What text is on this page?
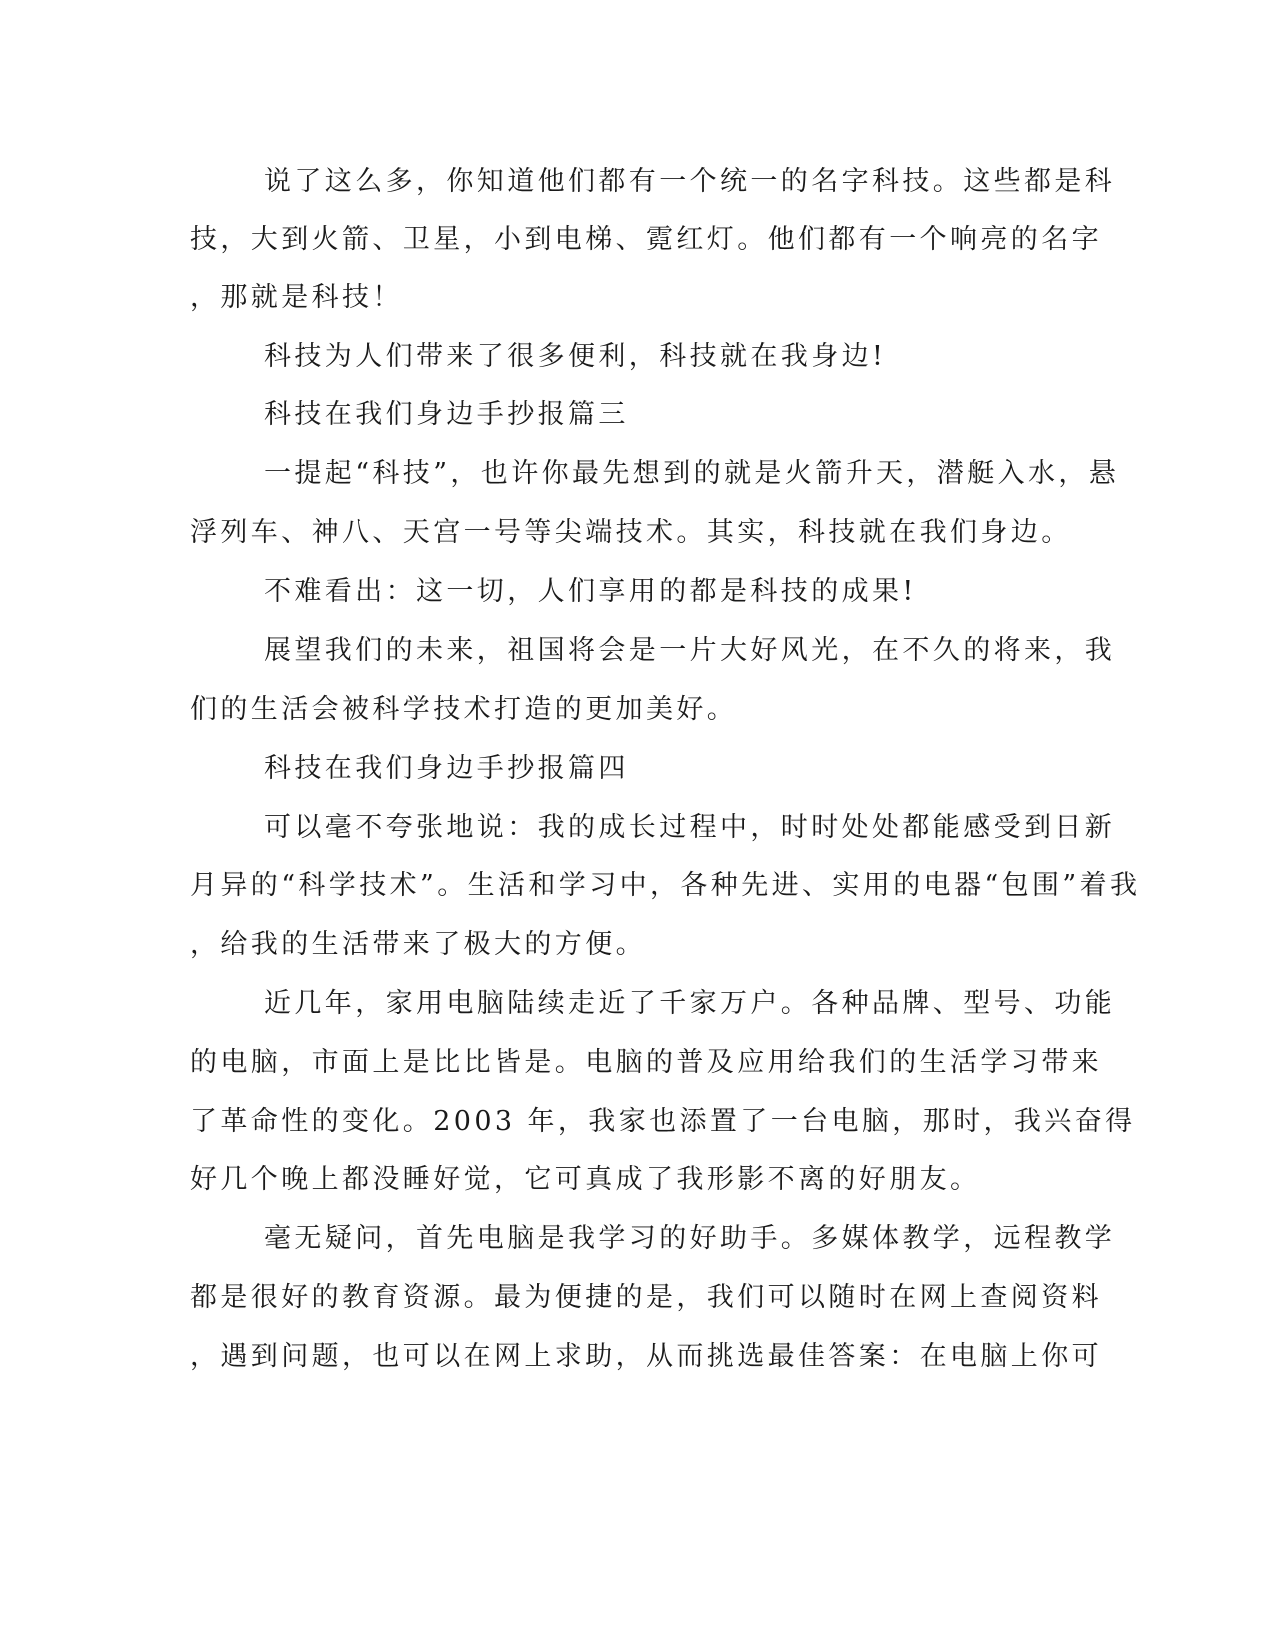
说了这么多，你知道他们都有一个统一的名字科技。这些都是科
技，大到火箭、卫星，小到电梯、霓红灯。他们都有一个响亮的名字
，那就是科技！
科技为人们带来了很多便利，科技就在我身边!
科技在我们身边手抄报篇三
一提起“科技”，也许你最先想到的就是火箭升天，潜艇入水，悬
浮列车、神八、天宫一号等尖端技术。其实，科技就在我们身边。
不难看出：这一切，人们享用的都是科技的成果!
展望我们的未来，祖国将会是一片大好风光，在不久的将来，我
们的生活会被科学技术打造的更加美好。
科技在我们身边手抄报篇四
可以毫不夸张地说：我的成长过程中，时时处处都能感受到日新
月异的“科学技术”。生活和学习中，各种先进、实用的电器“包围”着我
，给我的生活带来了极大的方便。
近几年，家用电脑陆续走近了千家万户。各种品牌、型号、功能
的电脑，市面上是比比皆是。电脑的普及应用给我们的生活学习带来
了革命性的变化。2003 年，我家也添置了一台电脑，那时，我兴奋得
好几个晚上都没睡好觉，它可真成了我形影不离的好朋友。
毫无疑问，首先电脑是我学习的好助手。多媒体教学，远程教学
都是很好的教育资源。最为便捷的是，我们可以随时在网上查阅资料
，遇到问题，也可以在网上求助，从而挑选最佳答案：在电脑上你可
